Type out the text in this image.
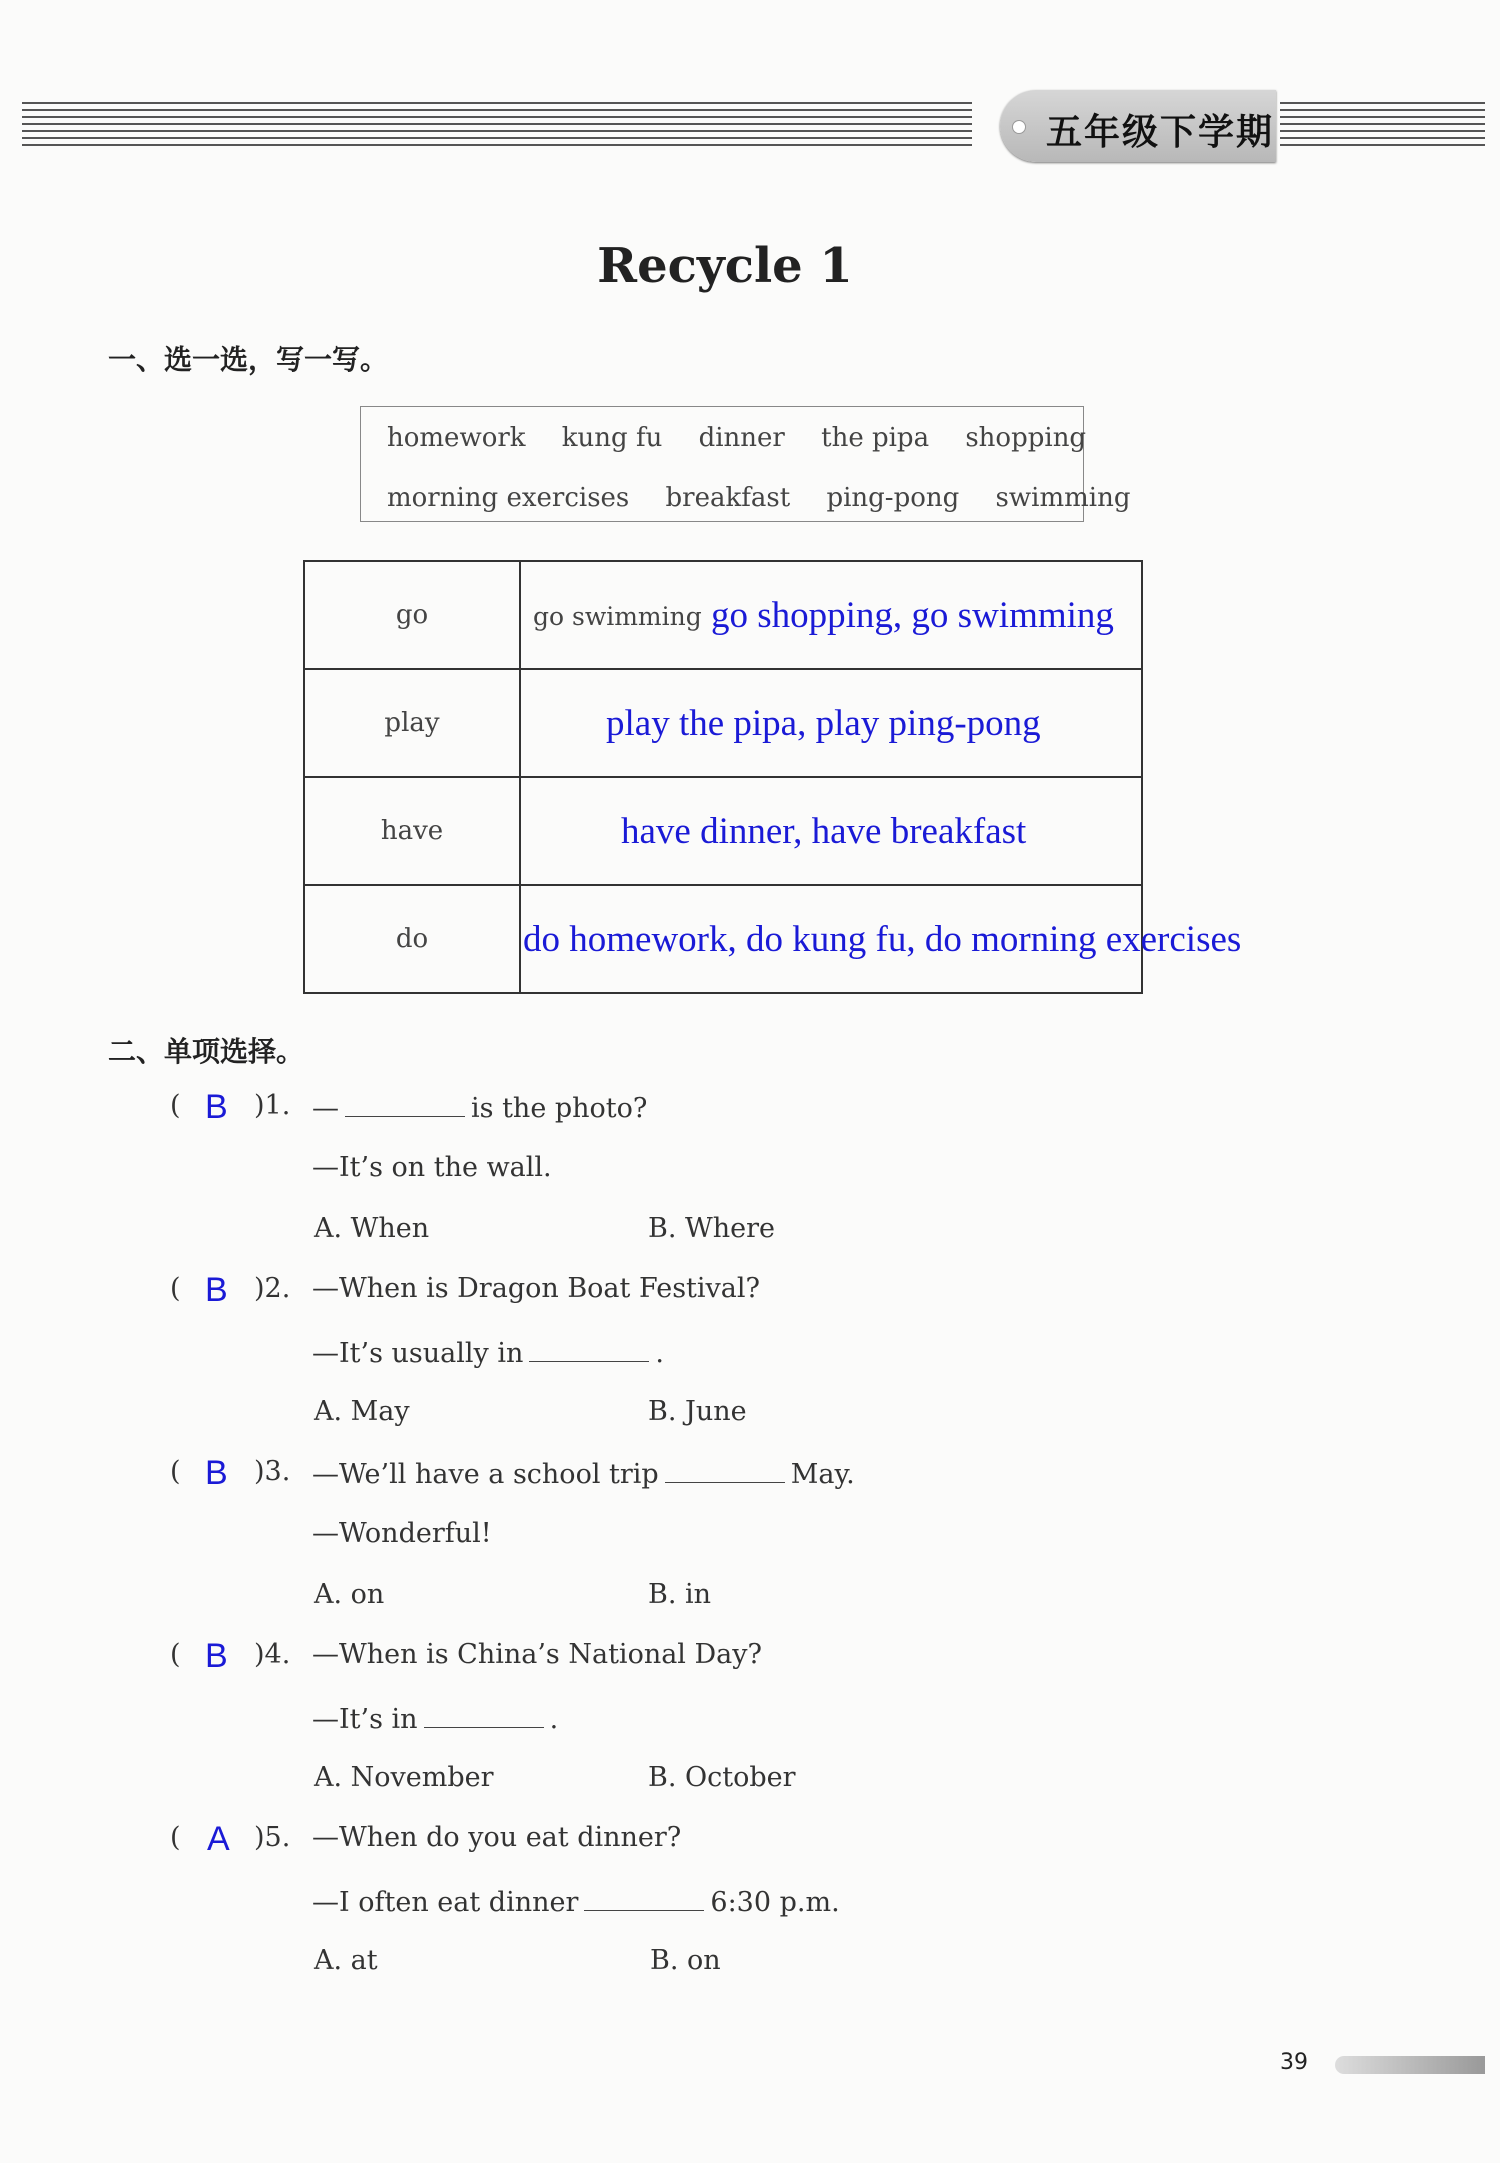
五年级下学期
Recycle 1
一、选一选，写一写。
homework kung fu dinner the pipa shopping
morning exercises breakfast ping-pong swimming
go	go swimming go shopping, go swimming

play	play the pipa, play ping-pong

have	have dinner, have breakfast

do	do homework, do kung fu, do morning exercises
二、单项选择。
( B )1. —	is the photo?
—It’s on the wall.
A. When	B. Where
( B )2. —When is Dragon Boat Festival?
—It’s usually in	.
A. May	B. June
( B )3. —We’ll have a school trip	May.
—Wonderful!
A. on	B. in
( B )4. —When is China’s National Day?
—It’s in	.
A. November	B. October
( A )5. —When do you eat dinner?
—I often eat dinner	6:30 p.m.
A. at	B. on
39
